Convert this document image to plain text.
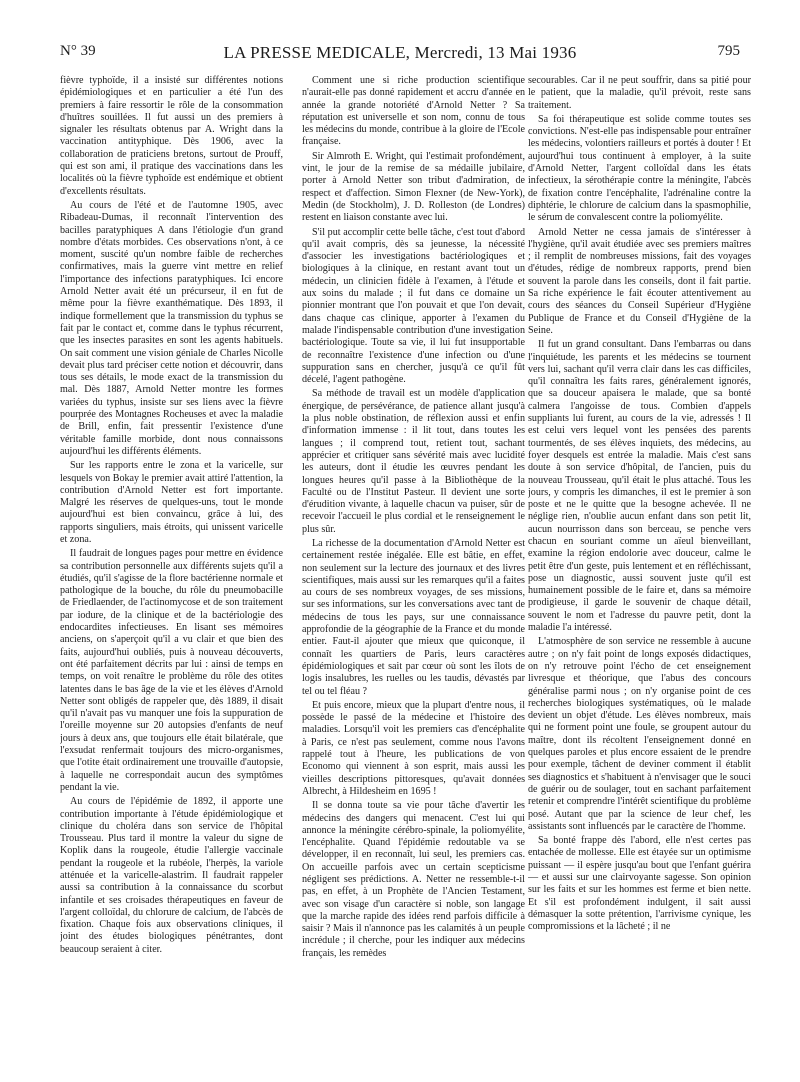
N° 39	LA PRESSE MEDICALE, Mercredi, 13 Mai 1936	795

fièvre typhoïde, il a insisté sur différentes notions épidémiologiques et en particulier a été l'un des premiers à faire ressortir le rôle de la consommation d'huîtres souillées. Il fut aussi un des premiers à signaler les résultats obtenus par A. Wright dans la vaccination antityphique. Dès 1906, avec la collaboration de praticiens bretons, surtout de Prouff, qui est son ami, il pratique des vaccinations dans les localités où la fièvre typhoïde est endémique et obtient d'excellents résultats.

Au cours de l'été et de l'automne 1905, avec Ribadeau-Dumas, il reconnaît l'intervention des bacilles paratyphiques A dans l'étiologie d'un grand nombre d'états morbides. Ces observations n'ont, à ce moment, suscité qu'un nombre faible de recherches confirmatives, mais la guerre vint mettre en relief l'importance des infections paratyphiques. Ici encore Arnold Netter avait été un précurseur, il en fut de même pour la fièvre exanthématique. Dès 1893, il indique formellement que la transmission du typhus se fait par le contact et, comme dans le typhus récurrent, que les insectes parasites en sont les agents habituels. On sait comment une vision géniale de Charles Nicolle devait plus tard préciser cette notion et découvrir, dans tous ses détails, le mode exact de la transmission du mal. Dès 1887, Arnold Netter montre les formes variées du typhus, insiste sur ses liens avec la fièvre pourprée des Montagnes Rocheuses et avec la maladie de Brill, enfin, fait pressentir l'existence d'une véritable famille morbide, dont nous connaissons aujourd'hui les différents éléments.

Sur les rapports entre le zona et la varicelle, sur lesquels von Bokay le premier avait attiré l'attention, la contribution d'Arnold Netter est fort importante. Malgré les réserves de quelques-uns, tout le monde aujourd'hui est bien convaincu, grâce à lui, des rapports singuliers, mais étroits, qui unissent varicelle et zona.

Il faudrait de longues pages pour mettre en évidence sa contribution personnelle aux différents sujets qu'il a étudiés, qu'il s'agisse de la flore bactérienne normale et pathologique de la bouche, du rôle du pneumobacille de Friedlaender, de l'actinomycose et de son traitement par iodure, de la clinique et de la bactériologie des endocardites infectieuses. En lisant ses mémoires anciens, on s'aperçoit qu'il a vu clair et que bien des faits, aujourd'hui oubliés, puis à nouveau découverts, ont été parfaitement décrits par lui : ainsi de temps en temps, on voit renaître le problème du rôle des otites latentes dans le bas âge de la vie et les élèves d'Arnold Netter sont obligés de rappeler que, dès 1889, il disait qu'il n'avait pas vu manquer une fois la suppuration de l'oreille moyenne sur 20 autopsies d'enfants de neuf jours à deux ans, que toujours elle était bilatérale, que l'exsudat renfermait toujours des micro-organismes, que l'otite était ordinairement une trouvaille d'autopsie, à laquelle ne correspondait aucun des symptômes pendant la vie.

Au cours de l'épidémie de 1892, il apporte une contribution importante à l'étude épidémiologique et clinique du choléra dans son service de l'hôpital Trousseau. Plus tard il montre la valeur du signe de Koplik dans la rougeole, étudie l'allergie vaccinale pendant la rougeole et la rubéole, l'herpès, la variole atténuée et la varicelle-alastrim. Il faudrait rappeler aussi sa contribution à la connaissance du scorbut infantile et ses croisades thérapeutiques en faveur de l'argent colloïdal, du chlorure de calcium, de l'abcès de fixation. Chaque fois aux observations cliniques, il joint des études biologiques pénétrantes, dont beaucoup seraient à citer.

Comment une si riche production scientifique n'aurait-elle pas donné rapidement et accru d'année en année la grande notoriété d'Arnold Netter ? Sa réputation est universelle et son nom, connu de tous les médecins du monde, contribue à la gloire de l'Ecole française.

Sir Almroth E. Wright, qui l'estimait profondément, vint, le jour de la remise de sa médaille jubilaire, porter à Arnold Netter son tribut d'admiration, de respect et d'affection. Simon Flexner (de New-York), Medin (de Stockholm), J. D. Rolleston (de Londres) restent en liaison constante avec lui.

S'il put accomplir cette belle tâche, c'est tout d'abord qu'il avait compris, dès sa jeunesse, la nécessité d'associer les investigations bactériologiques et biologiques à la clinique, en restant avant tout un médecin, un clinicien fidèle à l'examen, à l'étude et aux soins du malade ; il fut dans ce domaine un pionnier montrant que l'on pouvait et que l'on devait, dans chaque cas clinique, apporter à l'examen du malade l'indispensable contribution d'une investigation bactériologique. Toute sa vie, il lui fut insupportable de reconnaître l'existence d'une infection ou d'une suppuration sans en chercher, jusqu'à ce qu'il fût décelé, l'agent pathogène.

Sa méthode de travail est un modèle d'application énergique, de persévérance, de patience allant jusqu'à la plus noble obstination, de réflexion aussi et enfin d'information immense : il lit tout, dans toutes les langues ; il comprend tout, retient tout, sachant apprécier et critiquer sans sévérité mais avec lucidité les auteurs, dont il étudie les œuvres pendant les longues heures qu'il passe à la Bibliothèque de la Faculté ou de l'Institut Pasteur. Il devient une sorte d'érudition vivante, à laquelle chacun va puiser, sûr de recevoir l'accueil le plus cordial et le renseignement le plus sûr.

La richesse de la documentation d'Arnold Netter est certainement restée inégalée. Elle est bâtie, en effet, non seulement sur la lecture des journaux et des livres scientifiques, mais aussi sur les remarques qu'il a faites au cours de ses nombreux voyages, de ses missions, sur ses informations, sur les conversations avec tant de médecins de tous les pays, sur une connaissance approfondie de la géographie de la France et du monde entier. Faut-il ajouter que mieux que quiconque, il connaît les quartiers de Paris, leurs caractères épidémiologiques et sait par cœur où sont les îlots de logis insalubres, les ruelles ou les taudis, dévastés par tel ou tel fléau ?

Et puis encore, mieux que la plupart d'entre nous, il possède le passé de la médecine et l'histoire des maladies. Lorsqu'il voit les premiers cas d'encéphalite à Paris, ce n'est pas seulement, comme nous l'avons rappelé tout à l'heure, les publications de von Economo qui viennent à son esprit, mais aussi les vieilles descriptions pittoresques, qu'avait données Albrecht, à Hildesheim en 1695 !

Il se donna toute sa vie pour tâche d'avertir les médecins des dangers qui menacent. C'est lui qui annonce la méningite cérébro-spinale, la poliomyélite, l'encéphalite. Quand l'épidémie redoutable va se développer, il en reconnaît, lui seul, les premiers cas. On accueille parfois avec un certain scepticisme négligent ses prédictions. A. Netter ne ressemble-t-il pas, en effet, à un Prophète de l'Ancien Testament, avec son visage d'un caractère si noble, son langage que la marche rapide des idées rend parfois difficile à saisir ? Mais il n'annonce pas les calamités à un peuple incrédule ; il cherche, pour les indiquer aux médecins français, les remèdes

secourables. Car il ne peut souffrir, dans sa pitié pour le patient, que la maladie, qu'il prévoit, reste sans traitement.

Sa foi thérapeutique est solide comme toutes ses convictions. N'est-elle pas indispensable pour entraîner les médecins, volontiers railleurs et portés à douter ! Et aujourd'hui tous continuent à employer, à la suite d'Arnold Netter, l'argent colloïdal dans les états infectieux, la sérothérapie contre la méningite, l'abcès de fixation contre l'encéphalite, l'adrénaline contre la diphtérie, le chlorure de calcium dans la spasmophilie, le sérum de convalescent contre la poliomyélite.

Arnold Netter ne cessa jamais de s'intéresser à l'hygiène, qu'il avait étudiée avec ses premiers maîtres ; il remplit de nombreuses missions, fait des voyages d'études, rédige de nombreux rapports, prend bien souvent la parole dans les conseils, dont il fait partie. Sa riche expérience le fait écouter attentivement au cours des séances du Conseil Supérieur d'Hygiène Publique de France et du Conseil d'Hygiène de la Seine.

Il fut un grand consultant. Dans l'embarras ou dans l'inquiétude, les parents et les médecins se tournent vers lui, sachant qu'il verra clair dans les cas difficiles, qu'il connaîtra les faits rares, généralement ignorés, que sa douceur apaisera le malade, que sa bonté calmera l'angoisse de tous. Combien d'appels suppliants lui furent, au cours de la vie, adressés ! Il est celui vers lequel vont les pensées des parents tourmentés, de ses élèves inquiets, des médecins, au foyer desquels est entrée la maladie. Mais c'est sans doute à son service d'hôpital, de l'ancien, puis du nouveau Trousseau, qu'il était le plus attaché. Tous les jours, y compris les dimanches, il est le premier à son poste et ne le quitte que la besogne achevée. Il ne néglige rien, n'oublie aucun enfant dans son petit lit, aucun nourrisson dans son berceau, se penche vers chacun en souriant comme un aïeul bienveillant, examine la région endolorie avec douceur, calme le petit être d'un geste, puis lentement et en réfléchissant, pose un diagnostic, aussi souvent juste qu'il est humainement possible de le faire et, dans sa mémoire prodigieuse, il garde le souvenir de chaque détail, souvent le nom et l'adresse du pauvre petit, dont la maladie l'a intéressé.

L'atmosphère de son service ne ressemble à aucune autre ; on n'y fait point de longs exposés didactiques, on n'y retrouve point l'écho de cet enseignement livresque et théorique, que l'abus des concours généralise parmi nous ; on n'y organise point de ces recherches biologiques systématiques, où le malade devient un objet d'étude. Les élèves nombreux, mais qui ne forment point une foule, se groupent autour du maître, dont ils récoltent l'enseignement donné en quelques paroles et plus encore essaient de le prendre pour exemple, tâchent de deviner comment il établit ses diagnostics et s'habituent à n'envisager que le souci de guérir ou de soulager, tout en sachant parfaitement retenir et comprendre l'intérêt scientifique du problème posé. Autant que par la science de leur chef, les assistants sont influencés par le caractère de l'homme.

Sa bonté frappe dès l'abord, elle n'est certes pas entachée de mollesse. Elle est étayée sur un optimisme puissant — il espère jusqu'au bout que l'enfant guérira — et aussi sur une clairvoyante sagesse. Son opinion sur les faits et sur les hommes est ferme et bien nette. Et s'il est profondément indulgent, il sait aussi démasquer la sotte prétention, l'arrivisme cynique, les compromissions et la lâcheté ; il ne
